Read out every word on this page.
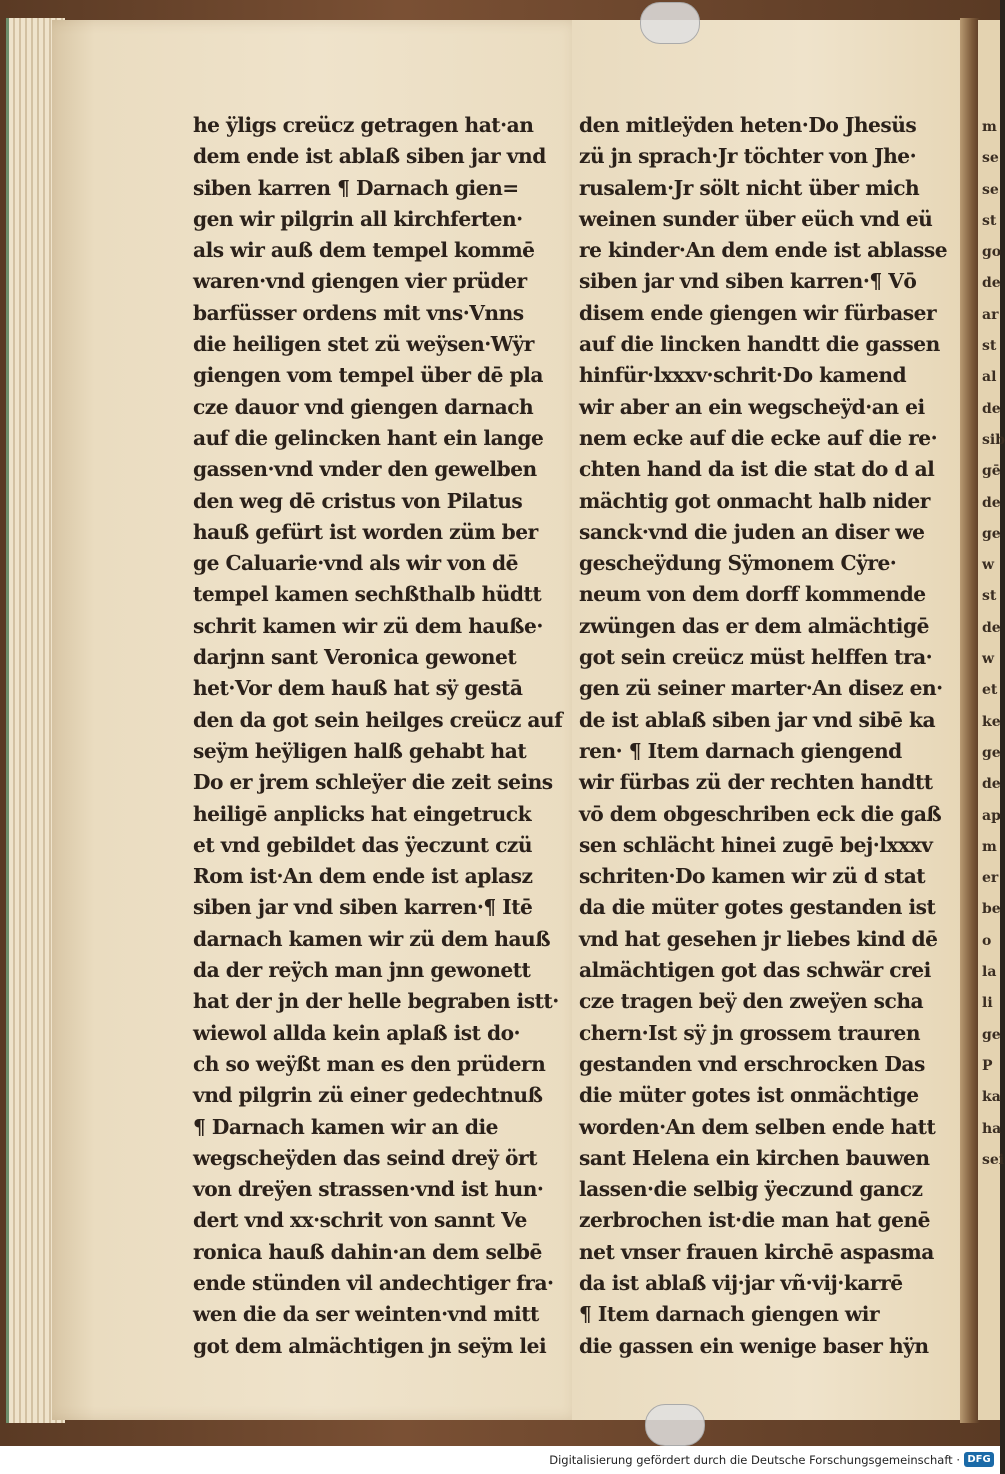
he ÿligs creücz getragen hat·an
dem ende ist ablaß siben jar vnd
siben karren ¶ Darnach gien=
gen wir pilgrin all kirchferten·
als wir auß dem tempel kommē
waren·vnd giengen vier prüder
barfüsser ordens mit vns·Vnns
die heiligen stet zü weÿsen·Wÿr
giengen vom tempel über dē pla
cze dauor vnd giengen darnach
auf die gelincken hant ein lange
gassen·vnd vnder den gewelben
den weg dē cristus von Pilatus
hauß gefürt ist worden züm ber
ge Caluarie·vnd als wir von dē
tempel kamen sechßthalb hüdtt
schrit kamen wir zü dem hauße·
darjnn sant Veronica gewonet
het·Vor dem hauß hat sÿ gestā
den da got sein heilges creücz auf
seÿm heÿligen halß gehabt hat
Do er jrem schleÿer die zeit seins
heiligē anplicks hat eingetruck
et vnd gebildet das ÿeczunt czü
Rom ist·An dem ende ist aplasz
siben jar vnd siben karren·¶ Itē
darnach kamen wir zü dem hauß
da der reÿch man jnn gewonett
hat der jn der helle begraben istt·
wiewol allda kein aplaß ist do·
ch so weÿßt man es den prüdern
vnd pilgrin zü einer gedechtnuß
¶ Darnach kamen wir an die
wegscheÿden das seind dreÿ ört
von dreÿen strassen·vnd ist hun·
dert vnd xx·schrit von sannt Ve
ronica hauß dahin·an dem selbē
ende stünden vil andechtiger fra·
wen die da ser weinten·vnd mitt
got dem almächtigen jn seÿm lei
den mitleÿden heten·Do Jhesüs
zü jn sprach·Jr töchter von Jhe·
rusalem·Jr sölt nicht über mich
weinen sunder über eüch vnd eü
re kinder·An dem ende ist ablasse
siben jar vnd siben karren·¶ Vō
disem ende giengen wir fürbaser
auf die lincken handtt die gassen
hinfür·lxxxv·schrit·Do kamend
wir aber an ein wegscheÿd·an ei
nem ecke auf die ecke auf die re·
chten hand da ist die stat do d al
mächtig got onmacht halb nider
sanck·vnd die juden an diser we
gescheÿdung Sÿmonem Cÿre·
neum von dem dorff kommende
zwüngen das er dem almächtigē
got sein creücz müst helffen tra·
gen zü seiner marter·An disez en·
de ist ablaß siben jar vnd sibē ka
ren· ¶ Item darnach giengend
wir fürbas zü der rechten handtt
vō dem obgeschriben eck die gaß
sen schlächt hinei zugē bej·lxxxv
schriten·Do kamen wir zü d stat
da die müter gotes gestanden ist
vnd hat gesehen jr liebes kind dē
almächtigen got das schwär crei
cze tragen beÿ den zweÿen scha
chern·Ist sÿ jn grossem trauren
gestanden vnd erschrocken Das
die müter gotes ist onmächtige
worden·An dem selben ende hatt
sant Helena ein kirchen bauwen
lassen·die selbig ÿeczund gancz
zerbrochen ist·die man hat genē
net vnser frauen kirchē aspasma
da ist ablaß vij·jar vñ·vij·karrē
¶ Item darnach giengen wir
die gassen ein wenige baser hÿn
m
se
se
st
go
de
ar
st
al
de
sib
gē
de
ge
w
st
de
w
et
ke
ge
de
ap
m
er
be
o
la
li
ge
P
ka
ha
sei
Digitalisierung gefördert durch die Deutsche Forschungsgemeinschaft · DFG
